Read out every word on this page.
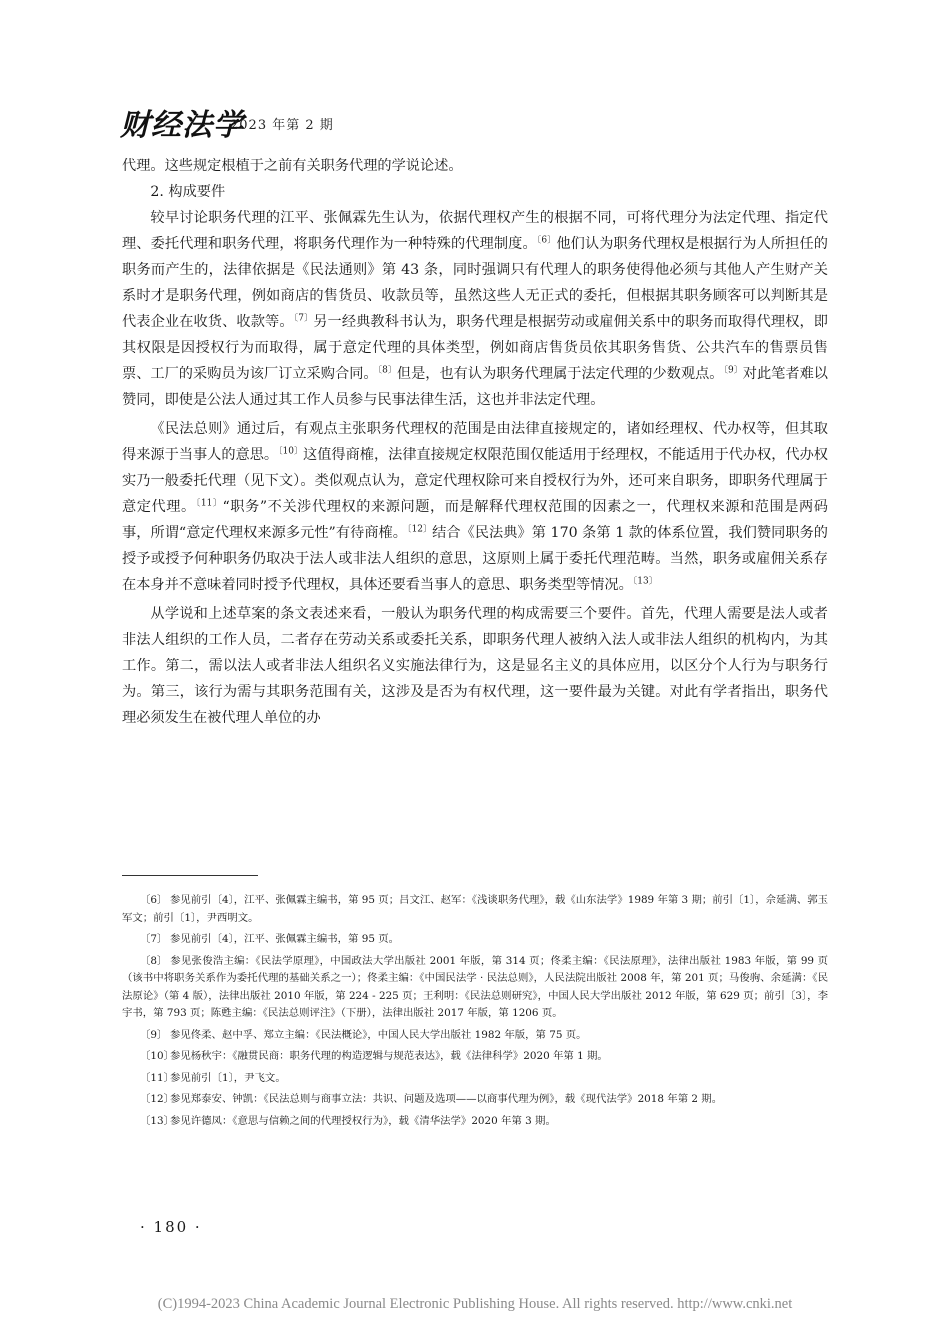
财经法学
2023 年第 2 期

代理。这些规定根植于之前有关职务代理的学说论述。

2. 构成要件

较早讨论职务代理的江平、张佩霖先生认为，依据代理权产生的根据不同，可将代理分为法定代理、指定代理、委托代理和职务代理，将职务代理作为一种特殊的代理制度。$^{〔6〕}$他们认为职务代理权是根据行为人所担任的职务而产生的，法律依据是《民法通则》第 43 条，同时强调只有代理人的职务使得他必须与其他人产生财产关系时才是职务代理，例如商店的售货员、收款员等，虽然这些人无正式的委托，但根据其职务顾客可以判断其是代表企业在收货、收款等。$^{〔7〕}$另一经典教科书认为，职务代理是根据劳动或雇佣关系中的职务而取得代理权，即其权限是因授权行为而取得，属于意定代理的具体类型，例如商店售货员依其职务售货、公共汽车的售票员售票、工厂的采购员为该厂订立采购合同。$^{〔8〕}$但是，也有认为职务代理属于法定代理的少数观点。$^{〔9〕}$对此笔者难以赞同，即使是公法人通过其工作人员参与民事法律生活，这也并非法定代理。

《民法总则》通过后，有观点主张职务代理权的范围是由法律直接规定的，诸如经理权、代办权等，但其取得来源于当事人的意思。$^{〔10〕}$这值得商榷，法律直接规定权限范围仅能适用于经理权，不能适用于代办权，代办权实乃一般委托代理（见下文）。类似观点认为，意定代理权除可来自授权行为外，还可来自职务，即职务代理属于意定代理。$^{〔11〕}$“职务”不关涉代理权的来源问题，而是解释代理权范围的因素之一，代理权来源和范围是两码事，所谓“意定代理权来源多元性”有待商榷。$^{〔12〕}$结合《民法典》第 170 条第 1 款的体系位置，我们赞同职务的授予或授予何种职务仍取决于法人或非法人组织的意思，这原则上属于委托代理范畴。当然，职务或雇佣关系存在本身并不意味着同时授予代理权，具体还要看当事人的意思、职务类型等情况。$^{〔13〕}$

从学说和上述草案的条文表述来看，一般认为职务代理的构成需要三个要件。首先，代理人需要是法人或者非法人组织的工作人员，二者存在劳动关系或委托关系，即职务代理人被纳入法人或非法人组织的机构内，为其工作。第二，需以法人或者非法人组织名义实施法律行为，这是显名主义的具体应用，以区分个人行为与职务行为。第三，该行为需与其职务范围有关，这涉及是否为有权代理，这一要件最为关键。对此有学者指出，职务代理必须发生在被代理人单位的办

〔6〕 参见前引〔4〕，江平、张佩霖主编书，第 95 页；吕文江、赵军：《浅谈职务代理》，载《山东法学》1989 年第 3 期；前引〔1〕，佘延满、郭玉军文；前引〔1〕，尹西明文。

〔7〕 参见前引〔4〕，江平、张佩霖主编书，第 95 页。

〔8〕 参见张俊浩主编：《民法学原理》，中国政法大学出版社 2001 年版，第 314 页；佟柔主编：《民法原理》，法律出版社 1983 年版，第 99 页（该书中将职务关系作为委托代理的基础关系之一）；佟柔主编：《中国民法学 · 民法总则》，人民法院出版社 2008 年，第 201 页；马俊驹、余延满：《民法原论》（第 4 版），法律出版社 2010 年版，第 224 - 225 页；王利明：《民法总则研究》，中国人民大学出版社 2012 年版，第 629 页；前引〔3〕，李宇书，第 793 页；陈甦主编：《民法总则评注》（下册），法律出版社 2017 年版，第 1206 页。

〔9〕 参见佟柔、赵中孚、郑立主编：《民法概论》，中国人民大学出版社 1982 年版，第 75 页。

〔10〕参见杨秋宇：《融贯民商：职务代理的构造逻辑与规范表达》，载《法律科学》2020 年第 1 期。

〔11〕参见前引〔1〕，尹飞文。

〔12〕参见郑泰安、钟凯：《民法总则与商事立法：共识、问题及选项——以商事代理为例》，载《现代法学》2018 年第 2 期。

〔13〕参见许德凤：《意思与信赖之间的代理授权行为》，载《清华法学》2020 年第 3 期。

· 180 ·
(C)1994-2023 China Academic Journal Electronic Publishing House. All rights reserved. http://www.cnki.net
